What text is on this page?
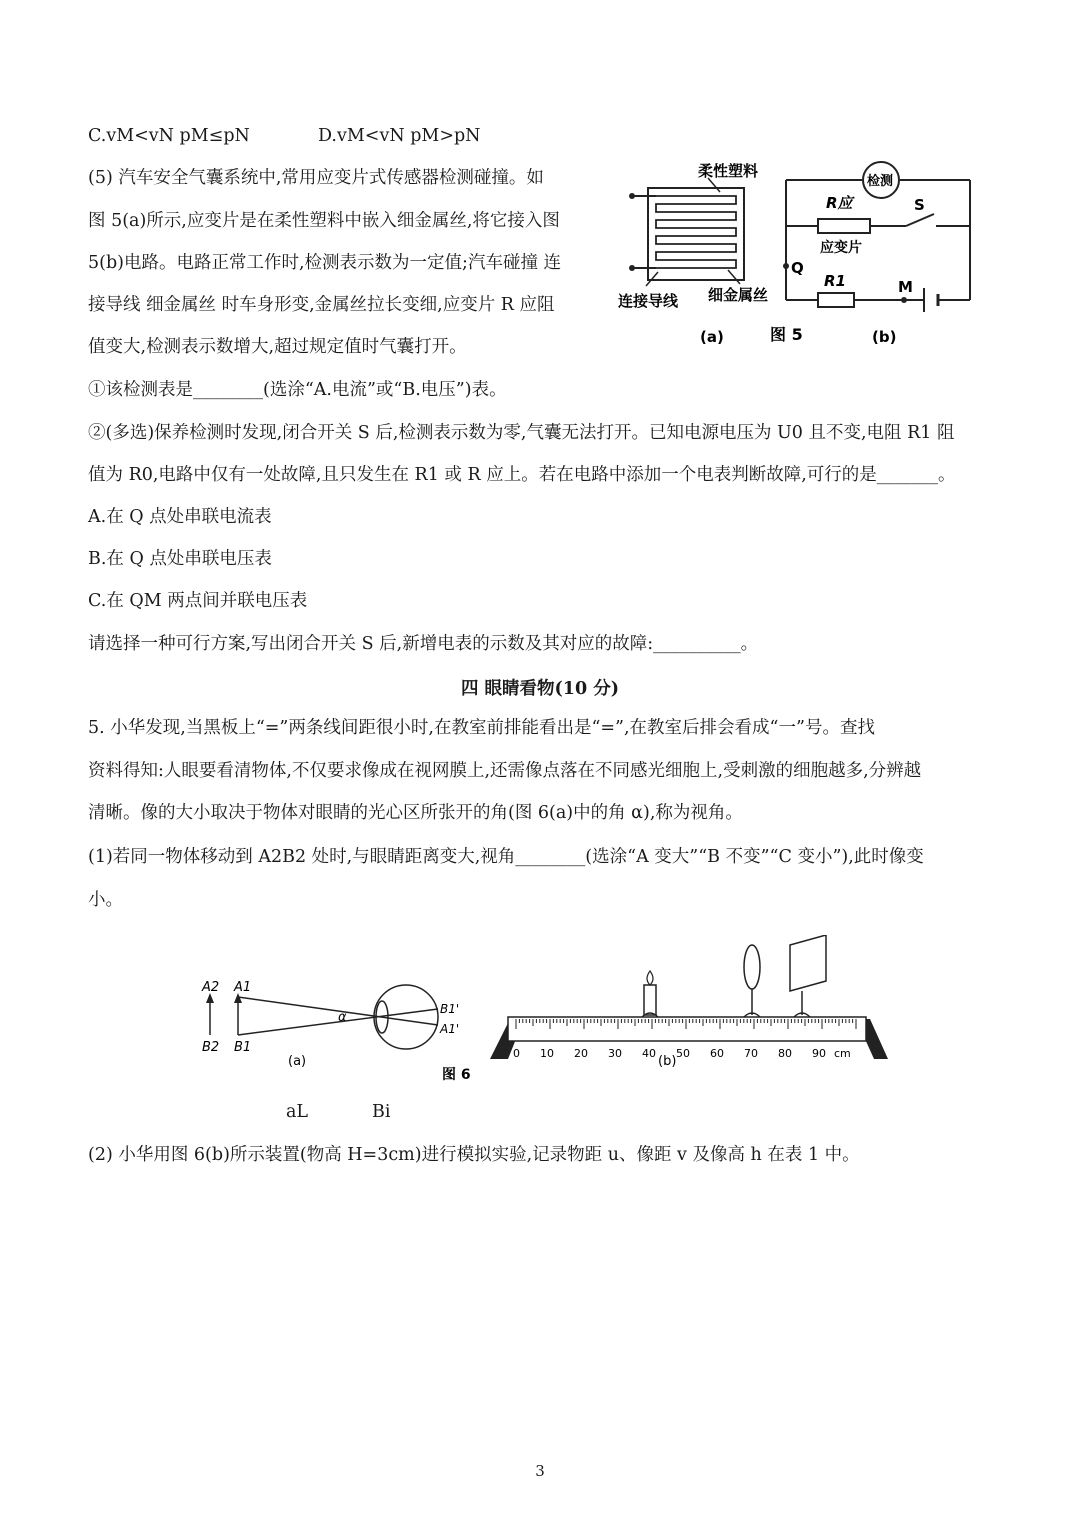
C.vM<vN pM≤pN	D.vM<vN pM>pN
(5) 汽车安全气囊系统中,常用应变片式传感器检测碰撞。如
图 5(a)所示,应变片是在柔性塑料中嵌入细金属丝,将它接入图
5(b)电路。电路正常工作时,检测表示数为一定值;汽车碰撞 连
接导线 细金属丝 时车身形变,金属丝拉长变细,应变片 R 应阻
值变大,检测表示数增大,超过规定值时气囊打开。
柔性塑料
连接导线 细金属丝
(a)	图 5	(b)
检测
R应
应变片
S
Q
R1	M
①该检测表是________(选涂“A.电流”或“B.电压”)表。
②(多选)保养检测时发现,闭合开关 S 后,检测表示数为零,气囊无法打开。已知电源电压为 U0 且不变,电阻 R1 阻
值为 R0,电路中仅有一处故障,且只发生在 R1 或 R 应上。若在电路中添加一个电表判断故障,可行的是_______。
A.在 Q 点处串联电流表
B.在 Q 点处串联电压表
C.在 QM 两点间并联电压表
请选择一种可行方案,写出闭合开关 S 后,新增电表的示数及其对应的故障:__________。
四 眼睛看物(10 分)
5. 小华发现,当黑板上“=”两条线间距很小时,在教室前排能看出是“=”,在教室后排会看成“一”号。查找
资料得知:人眼要看清物体,不仅要求像成在视网膜上,还需像点落在不同感光细胞上,受刺激的细胞越多,分辨越
清晰。像的大小取决于物体对眼睛的光心区所张开的角(图 6(a)中的角 α),称为视角。
(1)若同一物体移动到 A2B2 处时,与眼睛距离变大,视角________(选涂“A 变大”“B 不变”“C 变小”),此时像变
小。
A2
B2
A1
B1
α
B1'
A1'
(a)
图 6
0 10 20 30 40 50 60 70 80 90 cm
(b)
aL	Bi
(2) 小华用图 6(b)所示装置(物高 H=3cm)进行模拟实验,记录物距 u、像距 v 及像高 h 在表 1 中。
3
